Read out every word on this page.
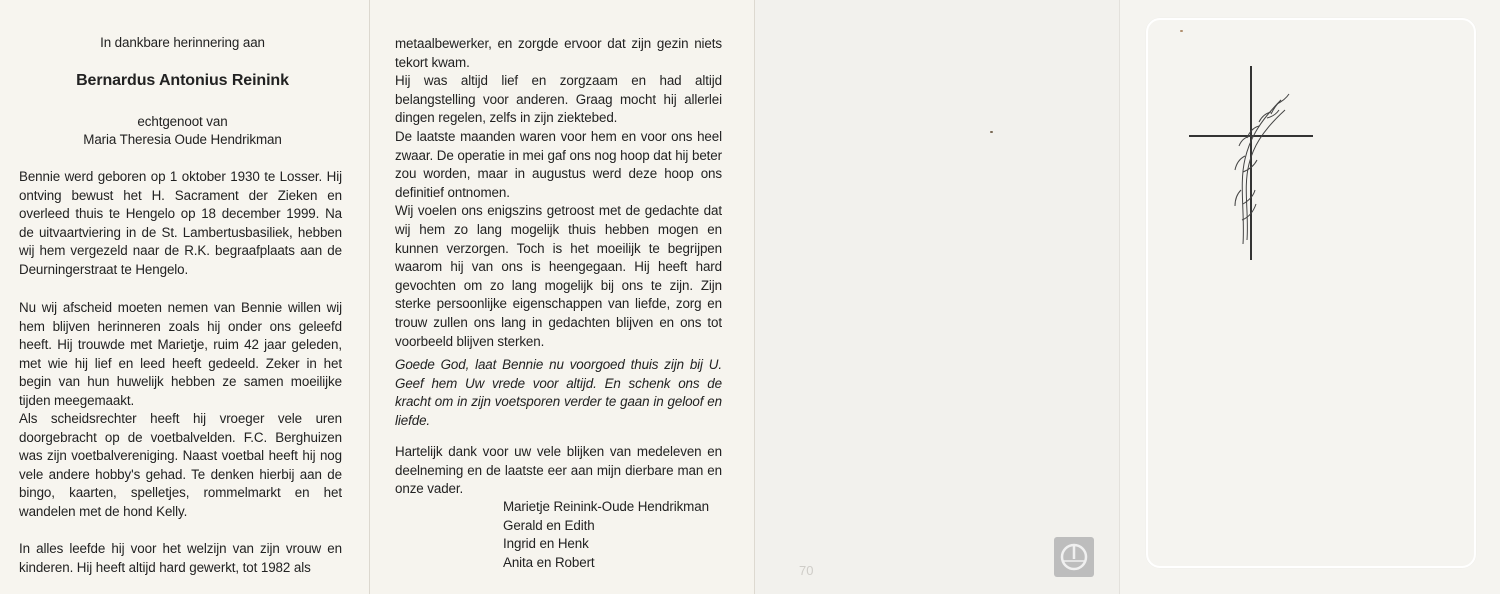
In dankbare herinnering aan

Bernardus Antonius Reinink

echtgenoot van

Maria Theresia Oude Hendrikman

Bennie werd geboren op 1 oktober 1930 te Losser. Hij ontving bewust het H. Sacrament der Zieken en overleed thuis te Hengelo op 18 december 1999. Na de uitvaartviering in de St. Lambertusbasiliek, hebben wij hem vergezeld naar de R.K. begraafplaats aan de Deurningerstraat te Hengelo.

Nu wij afscheid moeten nemen van Bennie willen wij hem blijven herinneren zoals hij onder ons geleefd heeft. Hij trouwde met Marietje, ruim 42 jaar geleden, met wie hij lief en leed heeft gedeeld. Zeker in het begin van hun huwelijk hebben ze samen moeilijke tijden meegemaakt.

Als scheidsrechter heeft hij vroeger vele uren doorgebracht op de voetbalvelden. F.C. Berghuizen was zijn voetbalvereniging. Naast voetbal heeft hij nog vele andere hobby's gehad. Te denken hierbij aan de bingo, kaarten, spelletjes, rommelmarkt en het wandelen met de hond Kelly.

In alles leefde hij voor het welzijn van zijn vrouw en kinderen. Hij heeft altijd hard gewerkt, tot 1982 als

metaalbewerker, en zorgde ervoor dat zijn gezin niets tekort kwam.
Hij was altijd lief en zorgzaam en had altijd belangstelling voor anderen. Graag mocht hij allerlei dingen regelen, zelfs in zijn ziektebed.
De laatste maanden waren voor hem en voor ons heel zwaar. De operatie in mei gaf ons nog hoop dat hij beter zou worden, maar in augustus werd deze hoop ons definitief ontnomen.
Wij voelen ons enigszins getroost met de gedachte dat wij hem zo lang mogelijk thuis hebben mogen en kunnen verzorgen. Toch is het moeilijk te begrijpen waarom hij van ons is heengegaan. Hij heeft hard gevochten om zo lang mogelijk bij ons te zijn. Zijn sterke persoonlijke eigenschappen van liefde, zorg en trouw zullen ons lang in gedachten blijven en ons tot voorbeeld blijven sterken.

Goede God, laat Bennie nu voorgoed thuis zijn bij U. Geef hem Uw vrede voor altijd. En schenk ons de kracht om in zijn voetsporen verder te gaan in geloof en liefde.

Hartelijk dank voor uw vele blijken van medeleven en deelneming en de laatste eer aan mijn dierbare man en onze vader.

Marietje Reinink-Oude Hendrikman
Gerald en Edith
Ingrid en Henk
Anita en Robert
70
